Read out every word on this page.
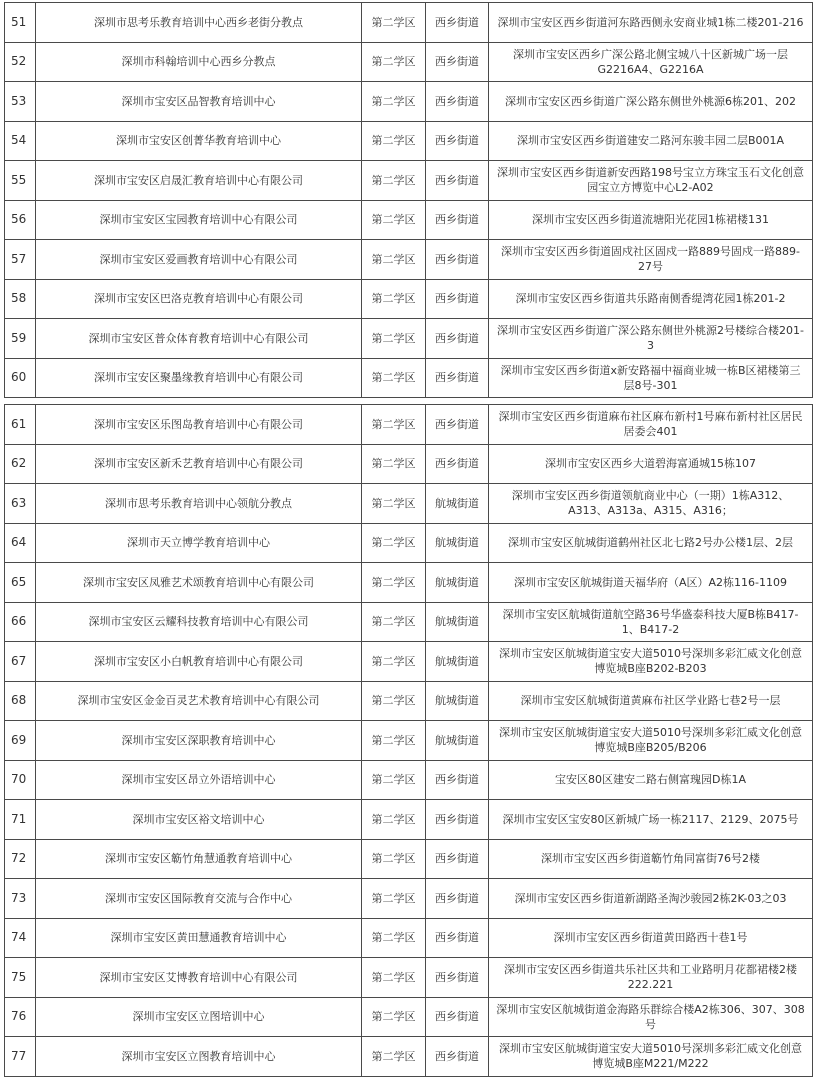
51	深圳市思考乐教育培训中心西乡老街分教点	第二学区	西乡街道	深圳市宝安区西乡街道河东路西侧永安商业城1栋二楼201-216
52	深圳市科翰培训中心西乡分教点	第二学区	西乡街道	深圳市宝安区西乡广深公路北侧宝城八十区新城广场一层G2216A4、G2216A
53	深圳市宝安区品智教育培训中心	第二学区	西乡街道	深圳市宝安区西乡街道广深公路东侧世外桃源6栋201、202
54	深圳市宝安区创菁华教育培训中心	第二学区	西乡街道	深圳市宝安区西乡街道建安二路河东骏丰园二层B001A
55	深圳市宝安区启晟汇教育培训中心有限公司	第二学区	西乡街道	深圳市宝安区西乡街道新安西路198号宝立方珠宝玉石文化创意园宝立方博览中心L2-A02
56	深圳市宝安区宝园教育培训中心有限公司	第二学区	西乡街道	深圳市宝安区西乡街道流塘阳光花园1栋裙楼131
57	深圳市宝安区爱画教育培训中心有限公司	第二学区	西乡街道	深圳市宝安区西乡街道固戍社区固戍一路889号固戍一路889-27号
58	深圳市宝安区巴洛克教育培训中心有限公司	第二学区	西乡街道	深圳市宝安区西乡街道共乐路南侧香缇湾花园1栋201-2
59	深圳市宝安区普众体育教育培训中心有限公司	第二学区	西乡街道	深圳市宝安区西乡街道广深公路东侧世外桃源2号楼综合楼201-3
60	深圳市宝安区聚墨缘教育培训中心有限公司	第二学区	西乡街道	深圳市宝安区西乡街道x新安路福中福商业城一栋B区裙楼第三层8号-301
61	深圳市宝安区乐图岛教育培训中心有限公司	第二学区	西乡街道	深圳市宝安区西乡街道麻布社区麻布新村1号麻布新村社区居民居委会401
62	深圳市宝安区新禾艺教育培训中心有限公司	第二学区	西乡街道	深圳市宝安区西乡大道碧海富通城15栋107
63	深圳市思考乐教育培训中心领航分教点	第二学区	航城街道	深圳市宝安区西乡街道领航商业中心（一期）1栋A312、A313、A313a、A315、A316；
64	深圳市天立博学教育培训中心	第二学区	航城街道	深圳市宝安区航城街道鹤州社区北七路2号办公楼1层、2层
65	深圳市宝安区凤雅艺术颂教育培训中心有限公司	第二学区	航城街道	深圳市宝安区航城街道天福华府（A区）A2栋116-1109
66	深圳市宝安区云耀科技教育培训中心有限公司	第二学区	航城街道	深圳市宝安区航城街道航空路36号华盛泰科技大厦B栋B417-1、B417-2
67	深圳市宝安区小白帆教育培训中心有限公司	第二学区	航城街道	深圳市宝安区航城街道宝安大道5010号深圳多彩汇威文化创意博览城B座B202-B203
68	深圳市宝安区金金百灵艺术教育培训中心有限公司	第二学区	航城街道	深圳市宝安区航城街道黄麻布社区学业路七巷2号一层
69	深圳市宝安区深职教育培训中心	第二学区	航城街道	深圳市宝安区航城街道宝安大道5010号深圳多彩汇威文化创意博览城B座B205/B206
70	深圳市宝安区昂立外语培训中心	第二学区	西乡街道	宝安区80区建安二路右侧富瑰园D栋1A
71	深圳市宝安区裕文培训中心	第二学区	西乡街道	深圳市宝安区宝安80区新城广场一栋2117、2129、2075号
72	深圳市宝安区簕竹角慧通教育培训中心	第二学区	西乡街道	深圳市宝安区西乡街道簕竹角同富街76号2楼
73	深圳市宝安区国际教育交流与合作中心	第二学区	西乡街道	深圳市宝安区西乡街道新湖路圣淘沙骏园2栋2K-03之03
74	深圳市宝安区黄田慧通教育培训中心	第二学区	西乡街道	深圳市宝安区西乡街道黄田路西十巷1号
75	深圳市宝安区艾博教育培训中心有限公司	第二学区	西乡街道	深圳市宝安区西乡街道共乐社区共和工业路明月花都裙楼2楼222.221
76	深圳市宝安区立图培训中心	第二学区	西乡街道	深圳市宝安区航城街道金海路乐群综合楼A2栋306、307、308号
77	深圳市宝安区立图教育培训中心	第二学区	西乡街道	深圳市宝安区航城街道宝安大道5010号深圳多彩汇威文化创意博览城B座M221/M222
